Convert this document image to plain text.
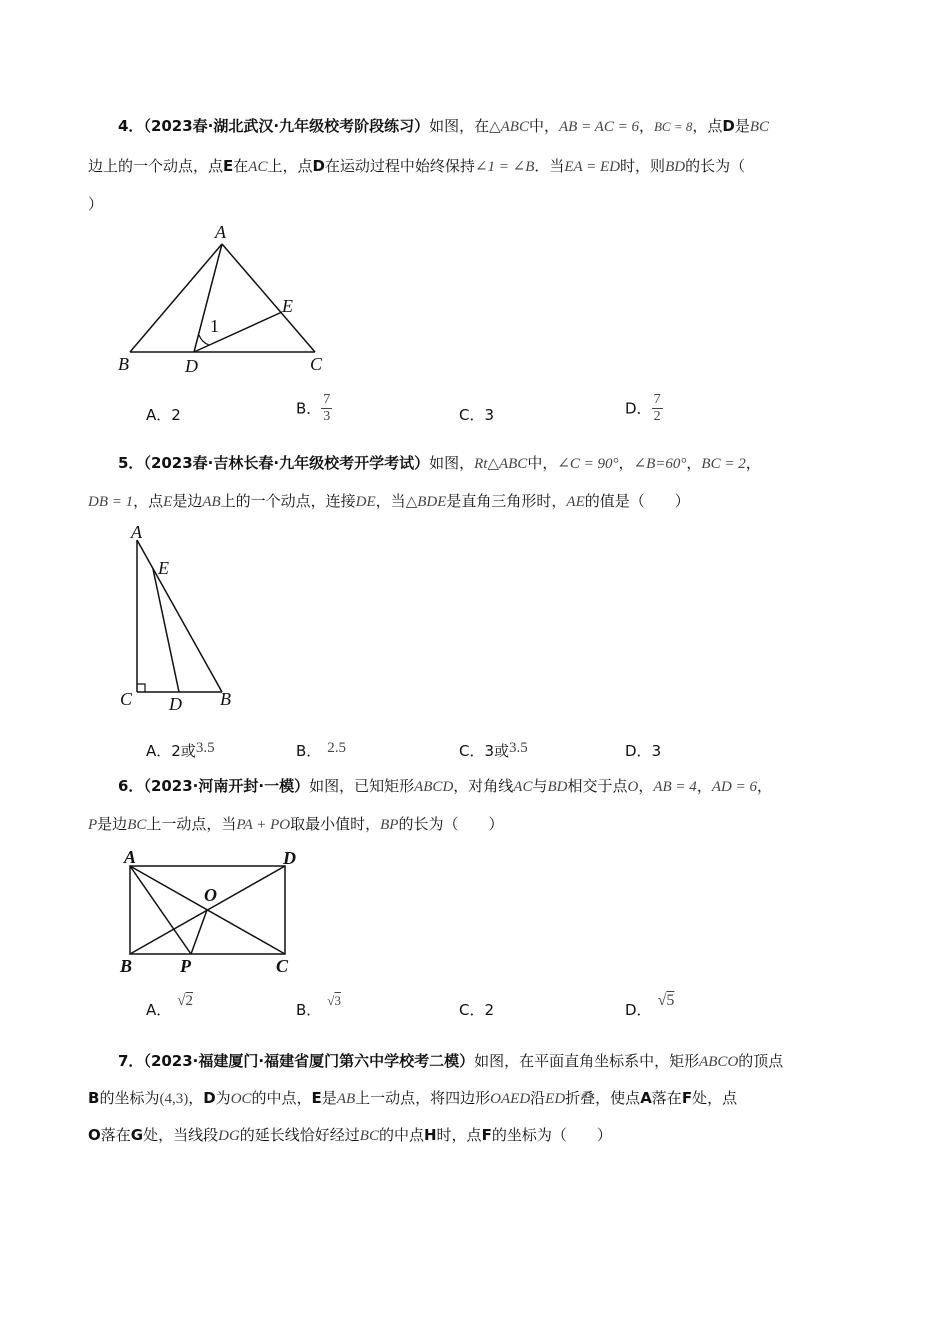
4．（2023春·湖北武汉·九年级校考阶段练习）如图，在△ABC中，AB = AC = 6，BC = 8，点D是BC
边上的一个动点，点E在AC上，点D在运动过程中始终保持∠1 = ∠B．当EA = ED时，则BD的长为（
）
A
B	D	C
E
1
A．2	B． $\frac{7}{3}$	C．3	D． $\frac{7}{2}$
5．（2023春·吉林长春·九年级校考开学考试）如图，Rt△ABC中，∠C = 90°，∠B=60°，BC = 2，
DB = 1，点E是边AB上的一个动点，连接DE，当△BDE是直角三角形时，AE的值是（　　）
A
E
C D B
A．2或3.5	B． 2.5	C．3或3.5	D．3
6．（2023·河南开封·一模）如图，已知矩形ABCD，对角线AC与BD相交于点O，AB = 4，AD = 6，
P是边BC上一动点，当PA + PO取最小值时，BP的长为（　　）
A	D
O
B	P	C
A． √2	B．√3
C．2	D．√5
7．（2023·福建厦门·福建省厦门第六中学校考二模）如图，在平面直角坐标系中，矩形ABCO的顶点
B的坐标为(4,3)，D为OC的中点，E是AB上一动点，将四边形OAED沿ED折叠，使点A落在F处，点
O落在G处，当线段DG的延长线恰好经过BC的中点H时，点F的坐标为（　　）
